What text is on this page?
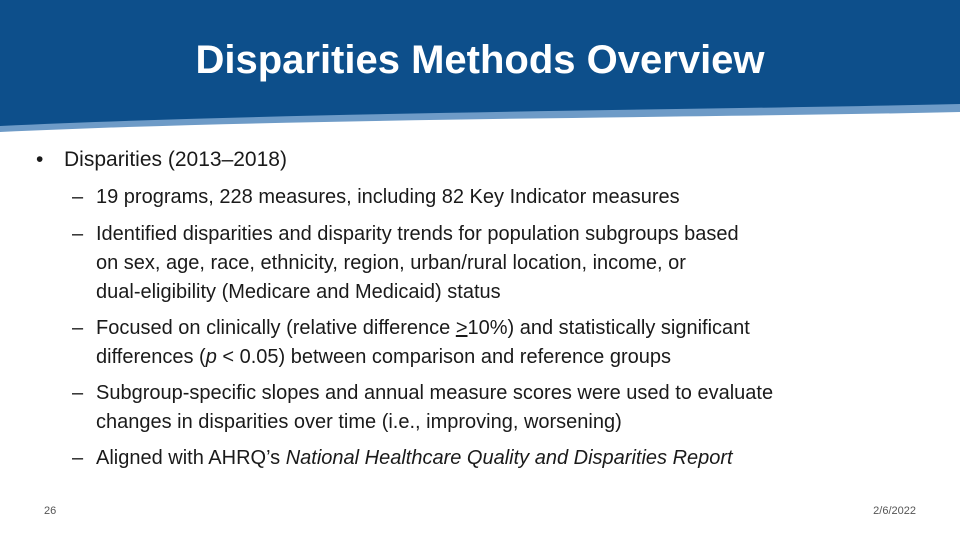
Disparities Methods Overview
• Disparities (2013–2018)
– 19 programs, 228 measures, including 82 Key Indicator measures
– Identified disparities and disparity trends for population subgroups based
on sex, age, race, ethnicity, region, urban/rural location, income, or
dual-eligibility (Medicare and Medicaid) status
– Focused on clinically (relative difference ≥10%) and statistically significant
differences (p < 0.05) between comparison and reference groups
– Subgroup-specific slopes and annual measure scores were used to evaluate
changes in disparities over time (i.e., improving, worsening)
– Aligned with AHRQ’s National Healthcare Quality and Disparities Report
26	2/6/2022
